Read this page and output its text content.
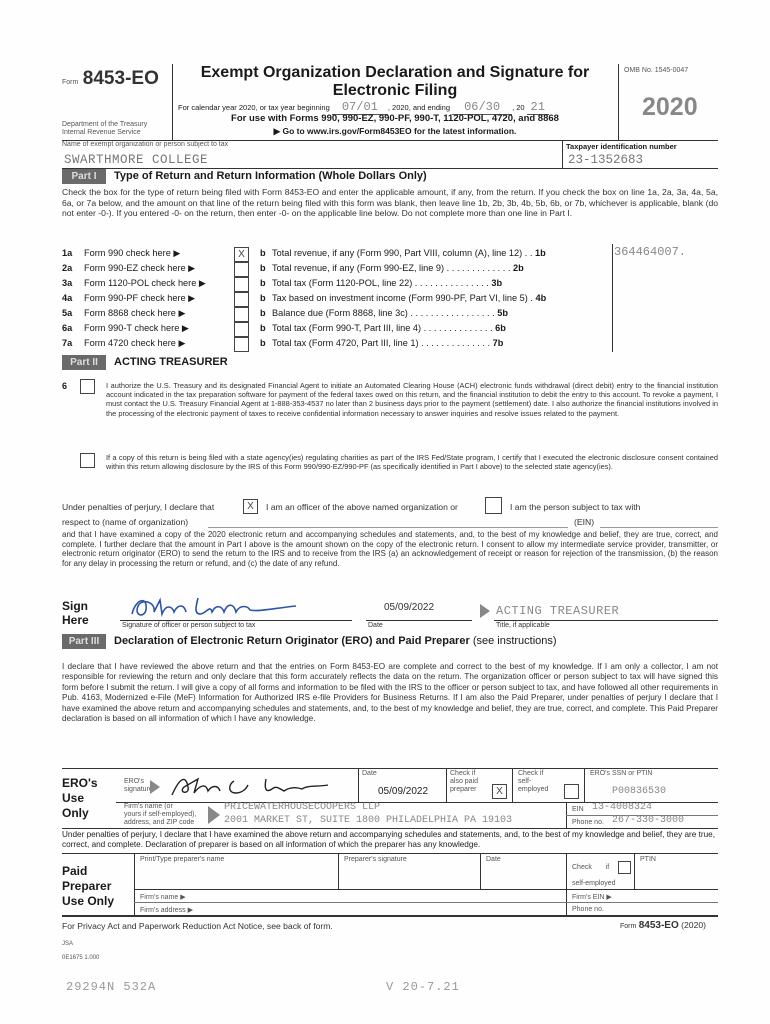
Form 8453-EO
Department of the Treasury
Internal Revenue Service
Exempt Organization Declaration and Signature for
Electronic Filing
For calendar year 2020, or tax year beginning 07/01 , 2020, and ending 06/30 , 20 21
For use with Forms 990, 990-EZ, 990-PF, 990-T, 1120-POL, 4720, and 8868
▶ Go to www.irs.gov/Form8453EO for the latest information.
OMB No. 1545-0047
2020
Name of exempt organization or person subject to tax
SWARTHMORE COLLEGE
Taxpayer identification number
23-1352683
Part I	Type of Return and Return Information (Whole Dollars Only)
Check the box for the type of return being filed with Form 8453-EO and enter the applicable amount, if any, from the return. If you check the box on line 1a, 2a, 3a, 4a, 5a, 6a, or 7a below, and the amount on that line of the return being filed with this form was blank, then leave line 1b, 2b, 3b, 4b, 5b, 6b, or 7b, whichever is applicable, blank (do not enter -0-). If you entered -0- on the return, then enter -0- on the applicable line below. Do not complete more than one line in Part I.
1a Form 990 check here ▶	X	b Total revenue, if any (Form 990, Part VIII, column (A), line 12) . . 1b	364464007.
2a Form 990-EZ check here ▶	b Total revenue, if any (Form 990-EZ, line 9) . . . . . . . . . . . . . 2b
3a Form 1120-POL check here ▶	b Total tax (Form 1120-POL, line 22) . . . . . . . . . . . . . . . 3b
4a Form 990-PF check here ▶	b Tax based on investment income (Form 990-PF, Part VI, line 5) . 4b
5a Form 8868 check here ▶	b Balance due (Form 8868, line 3c) . . . . . . . . . . . . . . . . . 5b
6a Form 990-T check here ▶	b Total tax (Form 990-T, Part III, line 4) . . . . . . . . . . . . . . 6b
7a Form 4720 check here ▶	b Total tax (Form 4720, Part III, line 1) . . . . . . . . . . . . . . 7b
Part II	ACTING TREASURER
6	I authorize the U.S. Treasury and its designated Financial Agent to initiate an Automated Clearing House (ACH) electronic funds withdrawal (direct debit) entry to the financial institution account indicated in the tax preparation software for payment of the federal taxes owed on this return, and the financial institution to debit the entry to this account. To revoke a payment, I must contact the U.S. Treasury Financial Agent at 1-888-353-4537 no later than 2 business days prior to the payment (settlement) date. I also authorize the financial institutions involved in the processing of the electronic payment of taxes to receive confidential information necessary to answer inquiries and resolve issues related to the payment.
If a copy of this return is being filed with a state agency(ies) regulating charities as part of the IRS Fed/State program, I certify that I executed the electronic disclosure consent contained within this return allowing disclosure by the IRS of this Form 990/990-EZ/990-PF (as specifically identified in Part I above) to the selected state agency(ies).
Under penalties of perjury, I declare that	X	I am an officer of the above named organization or	I am the person subject to tax with
respect to (name of organization)	(EIN)
and that I have examined a copy of the 2020 electronic return and accompanying schedules and statements, and, to the best of my knowledge and belief, they are true, correct, and complete. I further declare that the amount in Part I above is the amount shown on the copy of the electronic return. I consent to allow my intermediate service provider, transmitter, or electronic return originator (ERO) to send the return to the IRS and to receive from the IRS (a) an acknowledgement of receipt or reason for rejection of the transmission, (b) the reason for any delay in processing the return or refund, and (c) the date of any refund.
Sign
Here	Signature of officer or person subject to tax
05/09/2022
Date
ACTING TREASURER
Title, if applicable
Part III	Declaration of Electronic Return Originator (ERO) and Paid Preparer (see instructions)
I declare that I have reviewed the above return and that the entries on Form 8453-EO are complete and correct to the best of my knowledge. If I am only a collector, I am not responsible for reviewing the return and only declare that this form accurately reflects the data on the return. The organization officer or person subject to tax will have signed this form before I submit the return. I will give a copy of all forms and information to be filed with the IRS to the officer or person subject to tax, and have followed all other requirements in Pub. 4163, Modernized e-File (MeF) Information for Authorized IRS e-file Providers for Business Returns. If I am also the Paid Preparer, under penalties of perjury I declare that I have examined the above return and accompanying schedules and statements, and, to the best of my knowledge and belief, they are true, correct, and complete. This Paid Preparer declaration is based on all information of which I have any knowledge.
ERO's
Use
Only
ERO's
signature
Date
05/09/2022
Check if
also paid
preparer	X
Check if
self-
employed
ERO's SSN or PTIN
P00836530
Firm's name (or
yours if self-employed),
address, and ZIP code
PRICEWATERHOUSECOOPERS LLP
2001 MARKET ST, SUITE 1800 PHILADELPHIA PA 19103
EIN 13-4008324
Phone no. 267-330-3000
Under penalties of perjury, I declare that I have examined the above return and accompanying schedules and statements, and, to the best of my knowledge and belief, they are true, correct, and complete. Declaration of preparer is based on all information of which the preparer has any knowledge.
Paid
Preparer
Use Only
Print/Type preparer's name	Preparer's signature	Date
Check if
self-employed
PTIN
Firm's name ▶	Firm's EIN ▶
Firm's address ▶	Phone no.
For Privacy Act and Paperwork Reduction Act Notice, see back of form.	Form 8453-EO (2020)
JSA
0E1675 1.000
29294N 532A	V 20-7.21
